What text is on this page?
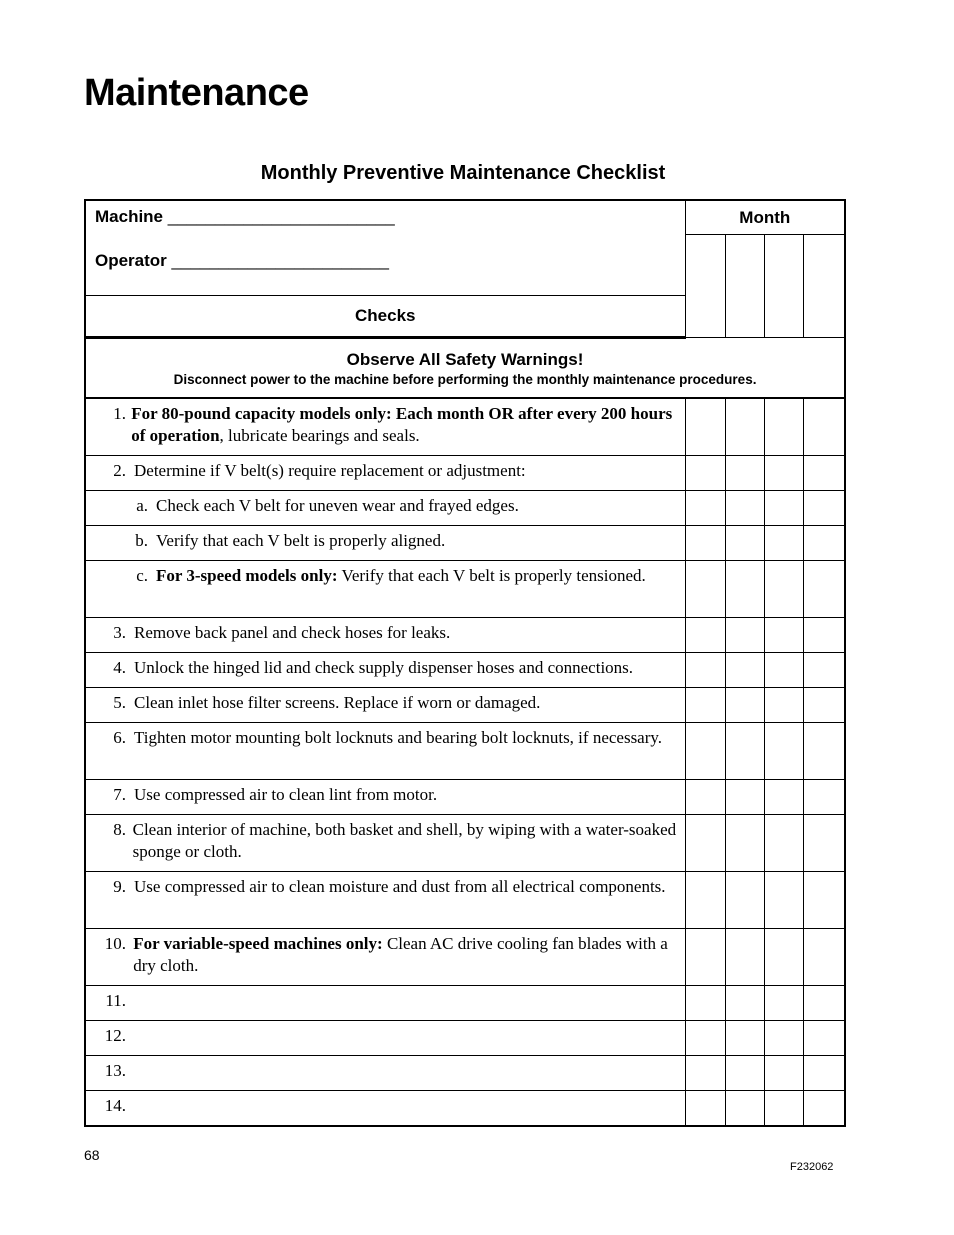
Maintenance
Monthly Preventive Maintenance Checklist
Machine ________________________
Operator _______________________	Month			

Checks				

Observe All Safety Warnings!
Disconnect power to the machine before performing the monthly maintenance procedures.				

1. For 80-pound capacity models only: Each month OR after every 200 hours of operation, lubricate bearings and seals.				

2. Determine if V belt(s) require replacement or adjustment:				

a. Check each V belt for uneven wear and frayed edges.				

b. Verify that each V belt is properly aligned.				

c. For 3-speed models only: Verify that each V belt is properly tensioned.				

3. Remove back panel and check hoses for leaks.				

4. Unlock the hinged lid and check supply dispenser hoses and connections.				

5. Clean inlet hose filter screens. Replace if worn or damaged.				

6. Tighten motor mounting bolt locknuts and bearing bolt locknuts, if necessary.				

7. Use compressed air to clean lint from motor.				

8. Clean interior of machine, both basket and shell, by wiping with a water-soaked sponge or cloth.				

9. Use compressed air to clean moisture and dust from all electrical components.				

10. For variable-speed machines only: Clean AC drive cooling fan blades with a dry cloth.				

11.				

12.				

13.				

14.				

68
F232062
